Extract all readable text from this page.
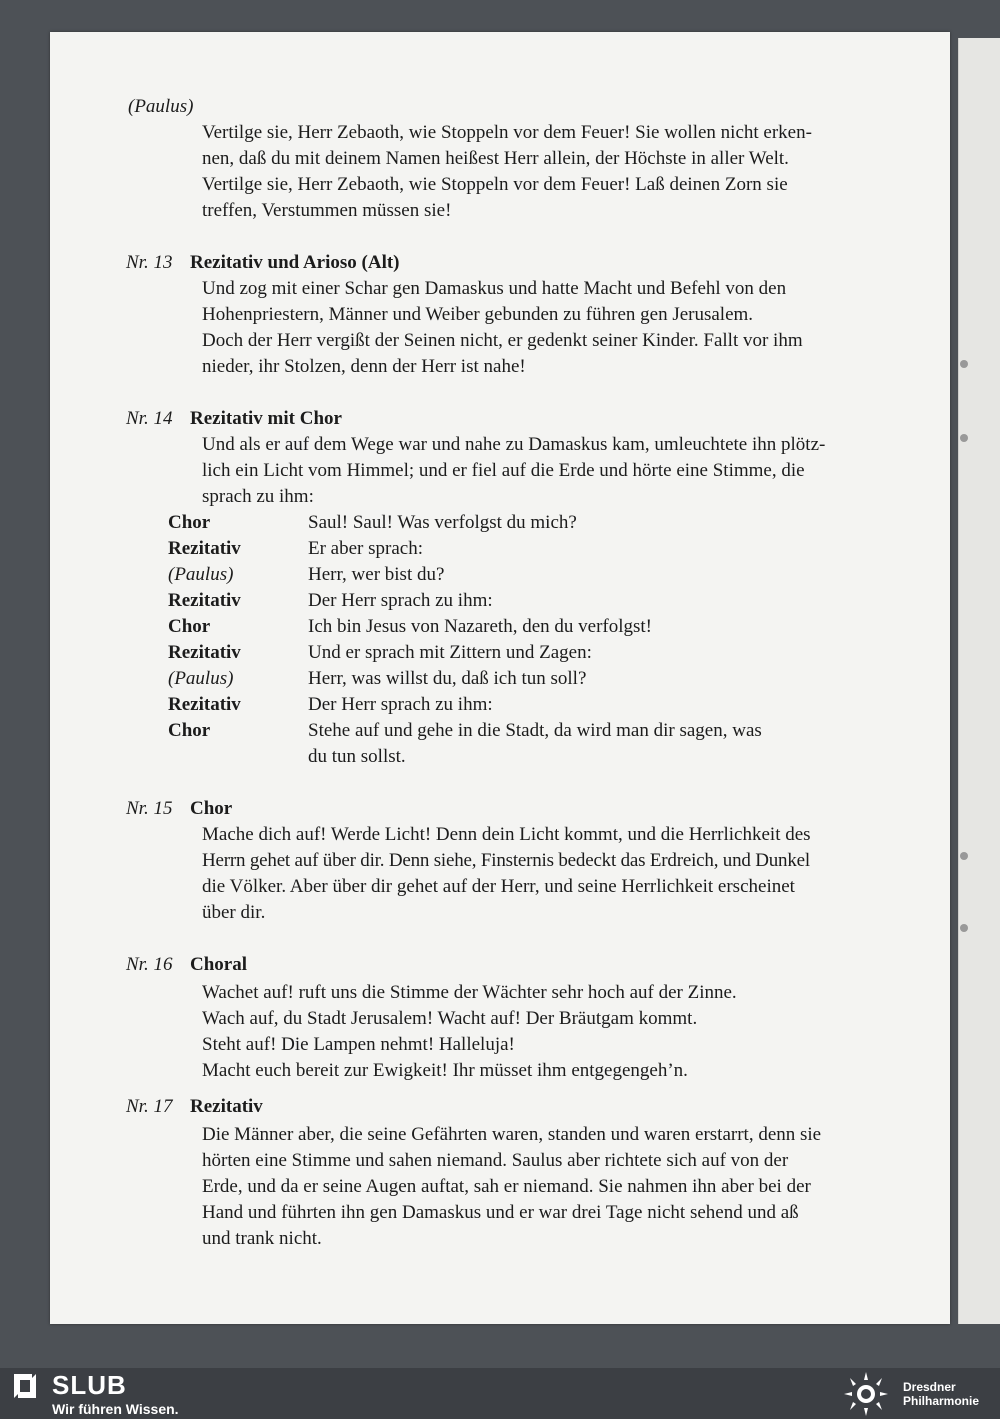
(Paulus)

Vertilge sie, Herr Zebaoth, wie Stoppeln vor dem Feuer! Sie wollen nicht erken-

nen, daß du mit deinem Namen heißest Herr allein, der Höchste in aller Welt.

Vertilge sie, Herr Zebaoth, wie Stoppeln vor dem Feuer! Laß deinen Zorn sie

treffen, Verstummen müssen sie!

Nr. 13 Rezitativ und Arioso (Alt)

Und zog mit einer Schar gen Damaskus und hatte Macht und Befehl von den

Hohenpriestern, Männer und Weiber gebunden zu führen gen Jerusalem.

Doch der Herr vergißt der Seinen nicht, er gedenkt seiner Kinder. Fallt vor ihm

nieder, ihr Stolzen, denn der Herr ist nahe!

Nr. 14 Rezitativ mit Chor

Und als er auf dem Wege war und nahe zu Damaskus kam, umleuchtete ihn plötz-

lich ein Licht vom Himmel; und er fiel auf die Erde und hörte eine Stimme, die

sprach zu ihm:

Chor	Saul! Saul! Was verfolgst du mich?
Rezitativ	Er aber sprach:
(Paulus)	Herr, wer bist du?
Rezitativ	Der Herr sprach zu ihm:
Chor	Ich bin Jesus von Nazareth, den du verfolgst!
Rezitativ	Und er sprach mit Zittern und Zagen:
(Paulus)	Herr, was willst du, daß ich tun soll?
Rezitativ	Der Herr sprach zu ihm:
Chor	Stehe auf und gehe in die Stadt, da wird man dir sagen, was
du tun sollst.
Nr. 15 Chor

Mache dich auf! Werde Licht! Denn dein Licht kommt, und die Herrlichkeit des

Herrn gehet auf über dir. Denn siehe, Finsternis bedeckt das Erdreich, und Dunkel

die Völker. Aber über dir gehet auf der Herr, und seine Herrlichkeit erscheinet

über dir.

Nr. 16 Choral

Wachet auf! ruft uns die Stimme der Wächter sehr hoch auf der Zinne.

Wach auf, du Stadt Jerusalem! Wacht auf! Der Bräutgam kommt.

Steht auf! Die Lampen nehmt! Halleluja!

Macht euch bereit zur Ewigkeit! Ihr müsset ihm entgegengeh’n.

Nr. 17 Rezitativ

Die Männer aber, die seine Gefährten waren, standen und waren erstarrt, denn sie

hörten eine Stimme und sahen niemand. Saulus aber richtete sich auf von der

Erde, und da er seine Augen auftat, sah er niemand. Sie nahmen ihn aber bei der

Hand und führten ihn gen Damaskus und er war drei Tage nicht sehend und aß

und trank nicht.

SLUB
Wir führen Wissen.
Dresdner
Philharmonie
